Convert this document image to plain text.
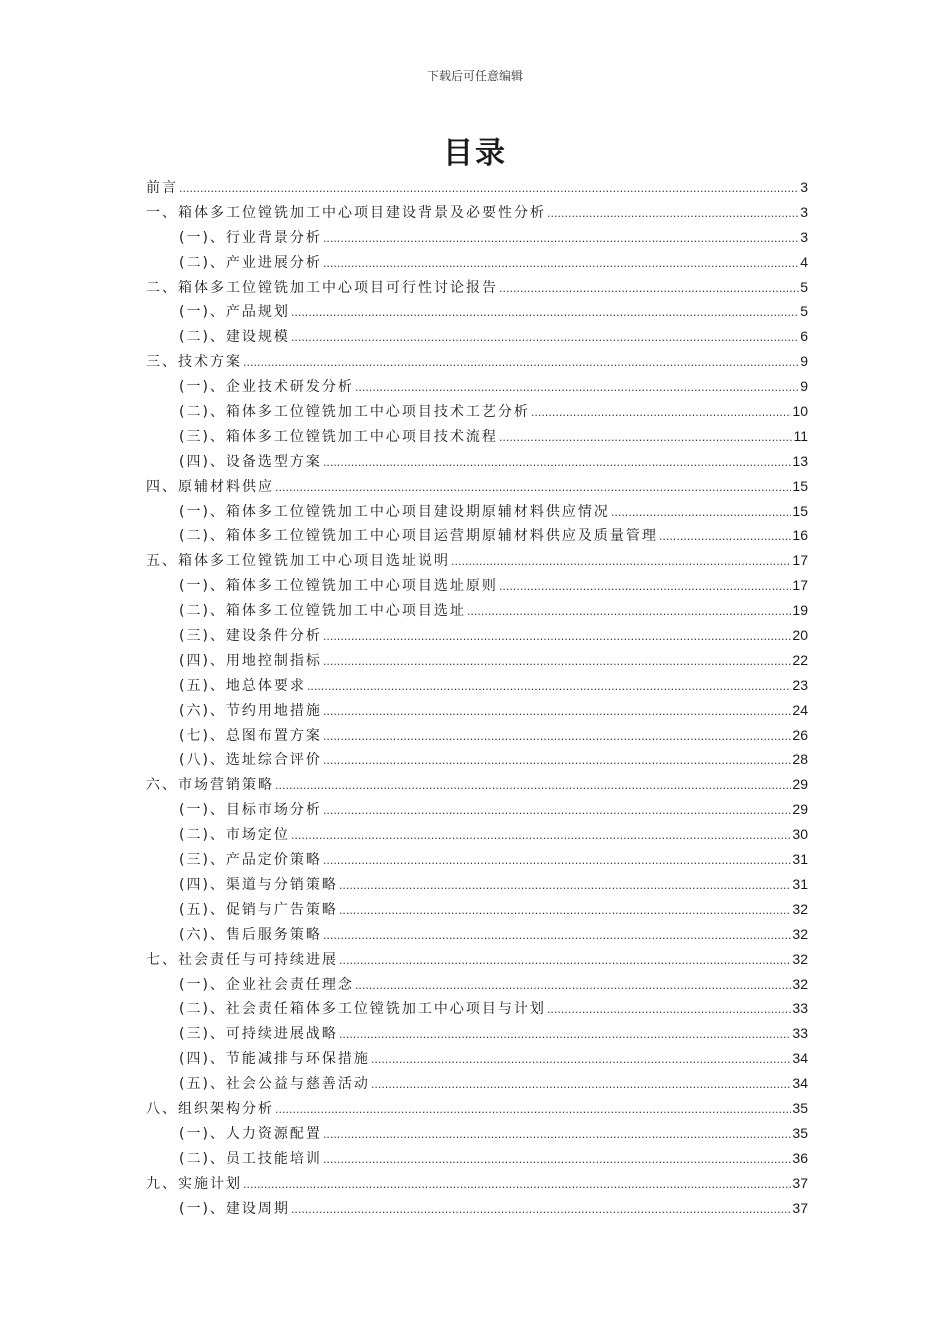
下载后可任意编辑
目录
前言 .....	3
一、箱体多工位镗铣加工中心项目建设背景及必要性分析 .....	3
(一)、行业背景分析 .....	3
(二)、产业进展分析 .....	4
二、箱体多工位镗铣加工中心项目可行性讨论报告 .....	5
(一)、产品规划 .....	5
(二)、建设规模 .....	6
三、技术方案 .....	9
(一)、企业技术研发分析 .....	9
(二)、箱体多工位镗铣加工中心项目技术工艺分析 .....	10
(三)、箱体多工位镗铣加工中心项目技术流程 .....	11
(四)、设备选型方案 .....	13
四、原辅材料供应 .....	15
(一)、箱体多工位镗铣加工中心项目建设期原辅材料供应情况 .....	15
(二)、箱体多工位镗铣加工中心项目运营期原辅材料供应及质量管理 .....	16
五、箱体多工位镗铣加工中心项目选址说明 .....	17
(一)、箱体多工位镗铣加工中心项目选址原则 .....	17
(二)、箱体多工位镗铣加工中心项目选址 .....	19
(三)、建设条件分析 .....	20
(四)、用地控制指标 .....	22
(五)、地总体要求 .....	23
(六)、节约用地措施 .....	24
(七)、总图布置方案 .....	26
(八)、选址综合评价 .....	28
六、市场营销策略 .....	29
(一)、目标市场分析 .....	29
(二)、市场定位 .....	30
(三)、产品定价策略 .....	31
(四)、渠道与分销策略 .....	31
(五)、促销与广告策略 .....	32
(六)、售后服务策略 .....	32
七、社会责任与可持续进展 .....	32
(一)、企业社会责任理念 .....	32
(二)、社会责任箱体多工位镗铣加工中心项目与计划 .....	33
(三)、可持续进展战略 .....	33
(四)、节能减排与环保措施 .....	34
(五)、社会公益与慈善活动 .....	34
八、组织架构分析 .....	35
(一)、人力资源配置 .....	35
(二)、员工技能培训 .....	36
九、实施计划 .....	37
(一)、建设周期 .....	37
